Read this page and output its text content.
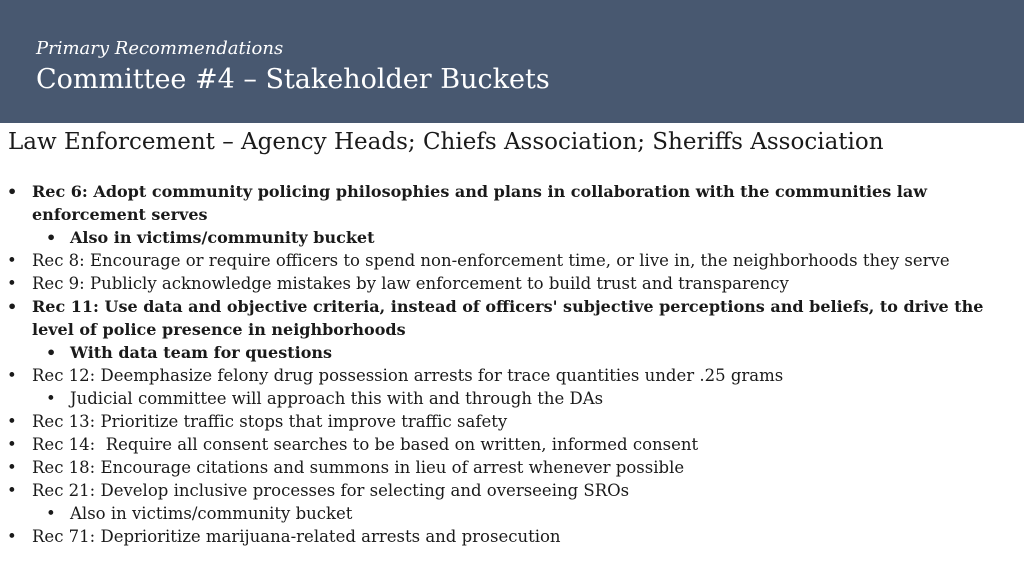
Primary Recommendations
Committee #4 – Stakeholder Buckets
Law Enforcement – Agency Heads; Chiefs Association; Sheriffs Association
• Rec 6: Adopt community policing philosophies and plans in collaboration with the communities law enforcement serves
• Also in victims/community bucket
• Rec 8: Encourage or require officers to spend non-enforcement time, or live in, the neighborhoods they serve
• Rec 9: Publicly acknowledge mistakes by law enforcement to build trust and transparency
• Rec 11: Use data and objective criteria, instead of officers' subjective perceptions and beliefs, to drive the level of police presence in neighborhoods
• With data team for questions
• Rec 12: Deemphasize felony drug possession arrests for trace quantities under .25 grams
• Judicial committee will approach this with and through the DAs
• Rec 13: Prioritize traffic stops that improve traffic safety
• Rec 14:  Require all consent searches to be based on written, informed consent
• Rec 18: Encourage citations and summons in lieu of arrest whenever possible
• Rec 21: Develop inclusive processes for selecting and overseeing SROs
• Also in victims/community bucket
• Rec 71: Deprioritize marijuana-related arrests and prosecution
